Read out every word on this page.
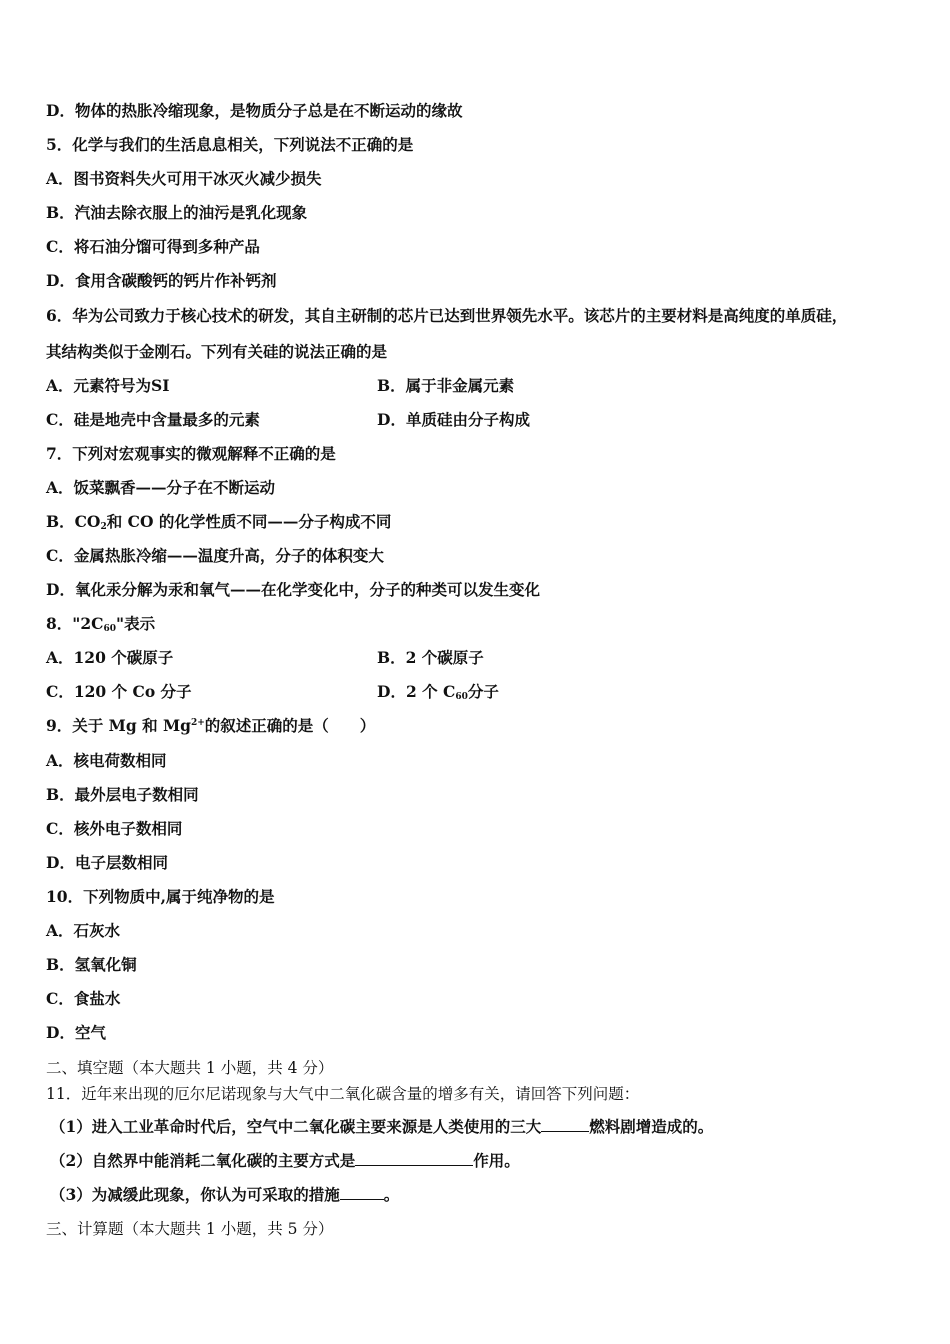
D．物体的热胀冷缩现象，是物质分子总是在不断运动的缘故
5．化学与我们的生活息息相关，下列说法不正确的是
A．图书资料失火可用干冰灭火减少损失
B．汽油去除衣服上的油污是乳化现象
C．将石油分馏可得到多种产品
D．食用含碳酸钙的钙片作补钙剂
6．华为公司致力于核心技术的研发，其自主研制的芯片已达到世界领先水平。该芯片的主要材料是高纯度的单质硅，
其结构类似于金刚石。下列有关硅的说法正确的是
A．元素符号为SI	B．属于非金属元素
C．硅是地壳中含量最多的元素	D．单质硅由分子构成
7．下列对宏观事实的微观解释不正确的是
A．饭菜飘香——分子在不断运动
B．$CO_2$和 CO 的化学性质不同——分子构成不同
C．金属热胀冷缩——温度升高，分子的体积变大
D．氧化汞分解为汞和氧气——在化学变化中，分子的种类可以发生变化
8．"$2C_{60}$"表示
A．120 个碳原子	B．2 个碳原子
C．120 个 Co 分子	D．2 个 $C_{60}$分子
9．关于 Mg 和 $Mg^{2+}$的叙述正确的是（　　）
A．核电荷数相同
B．最外层电子数相同
C．核外电子数相同
D．电子层数相同
10．下列物质中,属于纯净物的是
A．石灰水
B．氢氧化铜
C．食盐水
D．空气
二、填空题（本大题共 1 小题，共 4 分）
11．近年来出现的厄尔尼诺现象与大气中二氧化碳含量的增多有关，请回答下列问题：
（1）进入工业革命时代后，空气中二氧化碳主要来源是人类使用的三大	燃料剧增造成的。
（2）自然界中能消耗二氧化碳的主要方式是	作用。
（3）为减缓此现象，你认为可采取的措施	。
三、计算题（本大题共 1 小题，共 5 分）
